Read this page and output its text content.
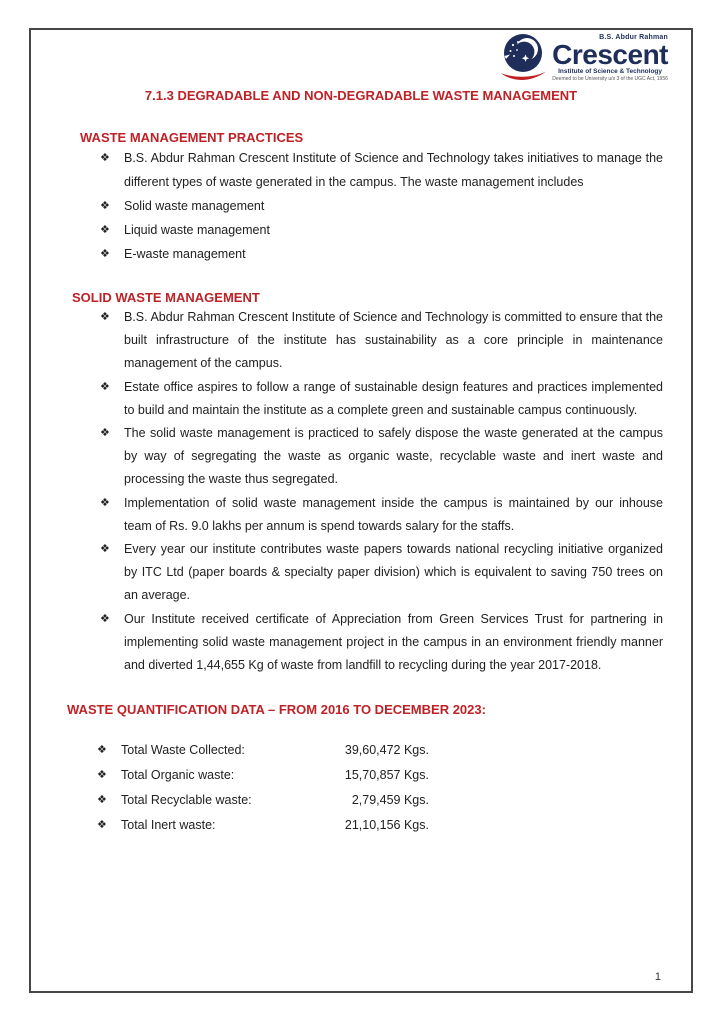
B.S. Abdur Rahman
Crescent
Institute of Science & Technology
Deemed to be University u/s 3 of the UGC Act, 1956
7.1.3 DEGRADABLE AND NON-DEGRADABLE WASTE MANAGEMENT
WASTE MANAGEMENT PRACTICES
❖	B.S. Abdur Rahman Crescent Institute of Science and Technology takes initiatives to manage the different types of waste generated in the campus. The waste management includes
❖	Solid waste management
❖	Liquid waste management
❖	E-waste management
SOLID WASTE MANAGEMENT
❖	B.S. Abdur Rahman Crescent Institute of Science and Technology is committed to ensure that the built infrastructure of the institute has sustainability as a core principle in maintenance management of the campus.
❖	Estate office aspires to follow a range of sustainable design features and practices implemented to build and maintain the institute as a complete green and sustainable campus continuously.
❖	The solid waste management is practiced to safely dispose the waste generated at the campus by way of segregating the waste as organic waste, recyclable waste and inert waste and processing the waste thus segregated.
❖	Implementation of solid waste management inside the campus is maintained by our inhouse team of Rs. 9.0 lakhs per annum is spend towards salary for the staffs.
❖	Every year our institute contributes waste papers towards national recycling initiative organized by ITC Ltd (paper boards & specialty paper division) which is equivalent to saving 750 trees on an average.
❖	Our Institute received certificate of Appreciation from Green Services Trust for partnering in implementing solid waste management project in the campus in an environment friendly manner and diverted 1,44,655 Kg of waste from landfill to recycling during the year 2017-2018.
WASTE QUANTIFICATION DATA – FROM 2016 TO DECEMBER 2023:
❖	Total Waste Collected:	39,60,472 Kgs.
❖	Total Organic waste:	15,70,857 Kgs.
❖	Total Recyclable waste:	2,79,459 Kgs.
❖	Total Inert waste:	21,10,156 Kgs.
1
